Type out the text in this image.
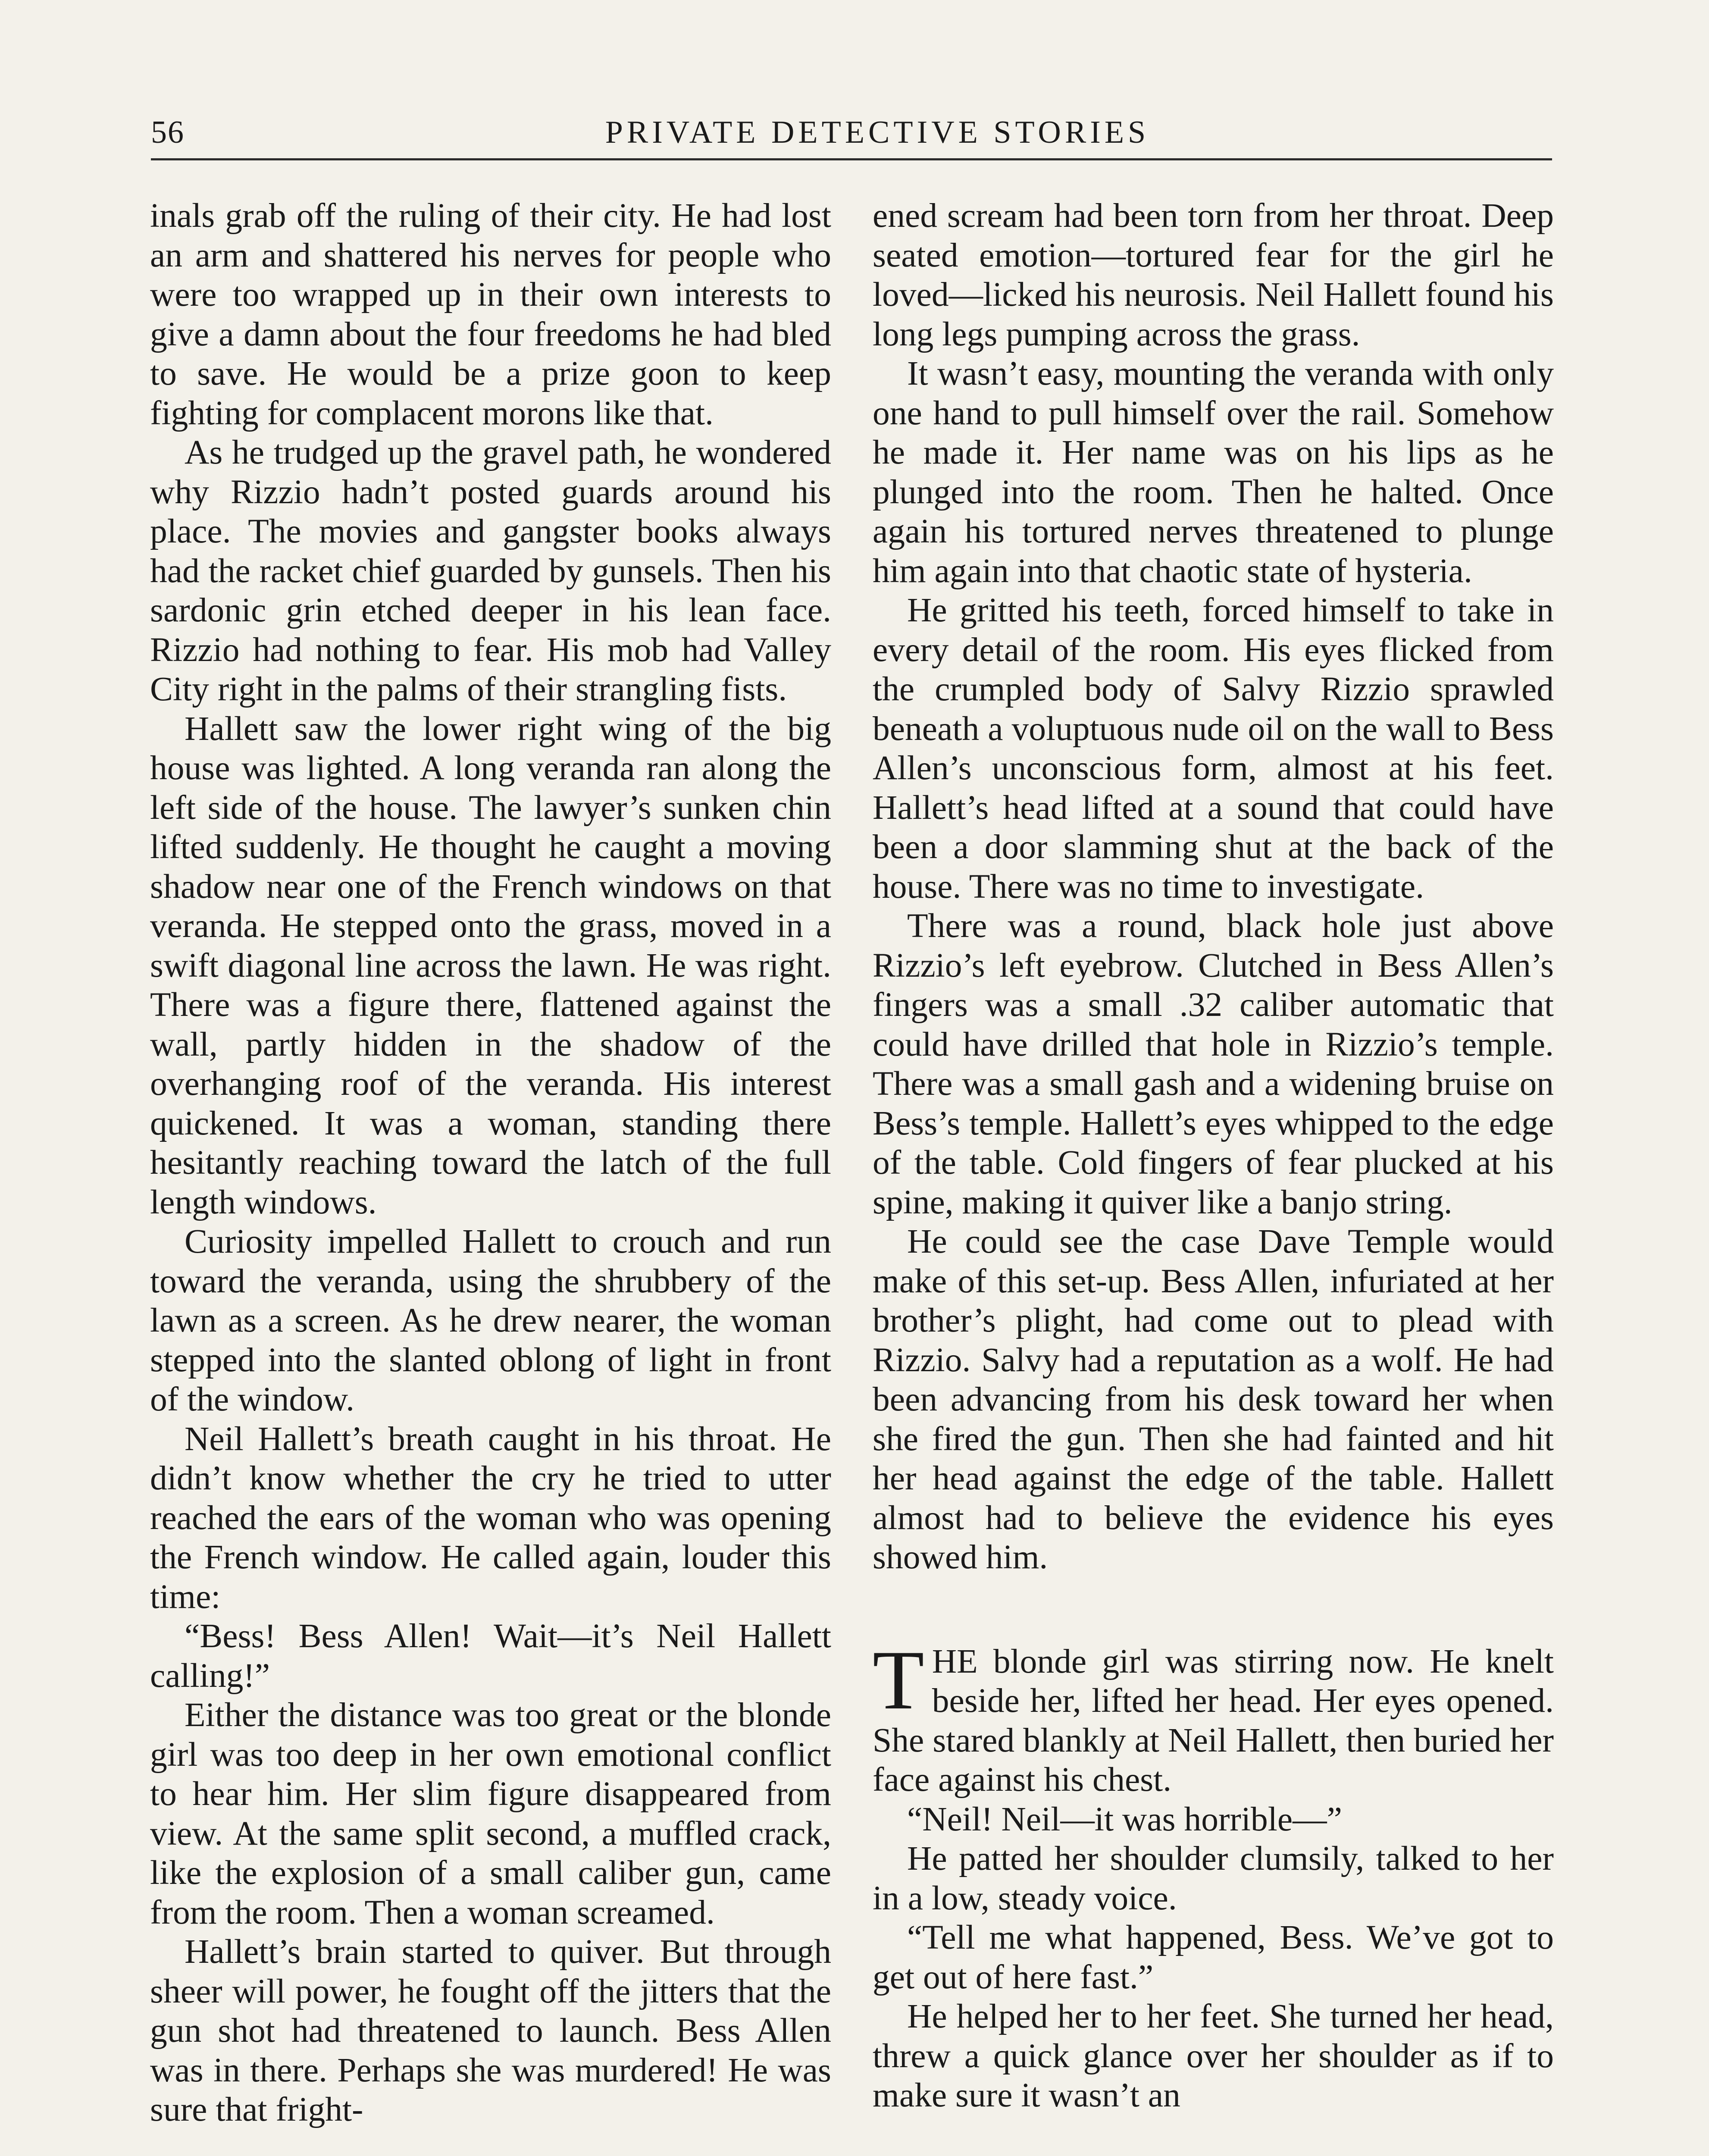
56	PRIVATE DETECTIVE STORIES

inals grab off the ruling of their city. He had lost an arm and shattered his nerves for people who were too wrapped up in their own interests to give a damn about the four freedoms he had bled to save. He would be a prize goon to keep fighting for complacent morons like that.

As he trudged up the gravel path, he wondered why Rizzio hadn’t posted guards around his place. The movies and gangster books always had the racket chief guarded by gunsels. Then his sardonic grin etched deeper in his lean face. Rizzio had nothing to fear. His mob had Valley City right in the palms of their strangling fists.

Hallett saw the lower right wing of the big house was lighted. A long veranda ran along the left side of the house. The lawyer’s sunken chin lifted suddenly. He thought he caught a moving shadow near one of the French windows on that veranda. He stepped onto the grass, moved in a swift diagonal line across the lawn. He was right. There was a figure there, flattened against the wall, partly hidden in the shadow of the overhanging roof of the veranda. His interest quickened. It was a woman, standing there hesitantly reaching toward the latch of the full length windows.

Curiosity impelled Hallett to crouch and run toward the veranda, using the shrubbery of the lawn as a screen. As he drew nearer, the woman stepped into the slanted oblong of light in front of the window.

Neil Hallett’s breath caught in his throat. He didn’t know whether the cry he tried to utter reached the ears of the woman who was opening the French window. He called again, louder this time:

“Bess! Bess Allen! Wait—it’s Neil Hallett calling!”

Either the distance was too great or the blonde girl was too deep in her own emotional conflict to hear him. Her slim figure disappeared from view. At the same split second, a muffled crack, like the explosion of a small caliber gun, came from the room. Then a woman screamed.

Hallett’s brain started to quiver. But through sheer will power, he fought off the jitters that the gun shot had threatened to launch. Bess Allen was in there. Perhaps she was murdered! He was sure that fright-

ened scream had been torn from her throat. Deep seated emotion—tortured fear for the girl he loved—licked his neurosis. Neil Hallett found his long legs pumping across the grass.

It wasn’t easy, mounting the veranda with only one hand to pull himself over the rail. Somehow he made it. Her name was on his lips as he plunged into the room. Then he halted. Once again his tortured nerves threatened to plunge him again into that chaotic state of hysteria.

He gritted his teeth, forced himself to take in every detail of the room. His eyes flicked from the crumpled body of Salvy Rizzio sprawled beneath a voluptuous nude oil on the wall to Bess Allen’s unconscious form, almost at his feet. Hallett’s head lifted at a sound that could have been a door slamming shut at the back of the house. There was no time to investigate.

There was a round, black hole just above Rizzio’s left eyebrow. Clutched in Bess Allen’s fingers was a small .32 caliber automatic that could have drilled that hole in Rizzio’s temple. There was a small gash and a widening bruise on Bess’s temple. Hallett’s eyes whipped to the edge of the table. Cold fingers of fear plucked at his spine, making it quiver like a banjo string.

He could see the case Dave Temple would make of this set-up. Bess Allen, infuriated at her brother’s plight, had come out to plead with Rizzio. Salvy had a reputation as a wolf. He had been advancing from his desk toward her when she fired the gun. Then she had fainted and hit her head against the edge of the table. Hallett almost had to believe the evidence his eyes showed him.

THE blonde girl was stirring now. He knelt beside her, lifted her head. Her eyes opened. She stared blankly at Neil Hallett, then buried her face against his chest.

“Neil! Neil—it was horrible—”

He patted her shoulder clumsily, talked to her in a low, steady voice.

“Tell me what happened, Bess. We’ve got to get out of here fast.”

He helped her to her feet. She turned her head, threw a quick glance over her shoulder as if to make sure it wasn’t an
